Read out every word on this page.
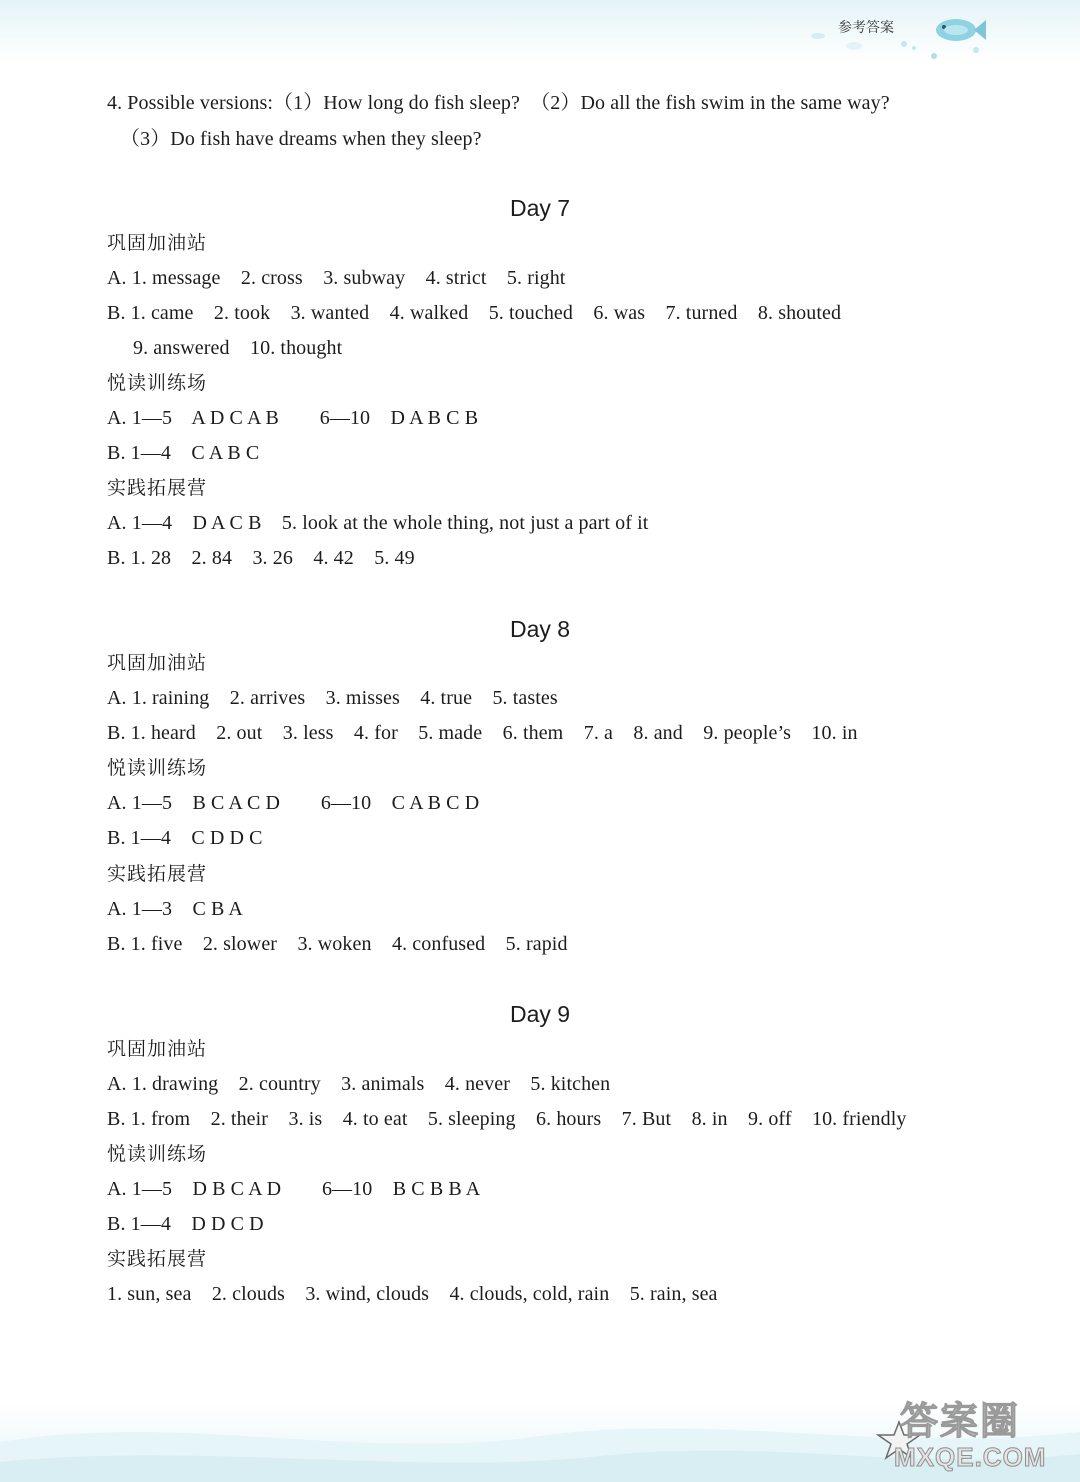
参考答案
4. Possible versions:（1）How long do fish sleep?  （2）Do all the fish swim in the same way?
（3）Do fish have dreams when they sleep?
Day 7
巩固加油站
A. 1. message    2. cross    3. subway    4. strict    5. right
B. 1. came    2. took    3. wanted    4. walked    5. touched    6. was    7. turned    8. shouted
9. answered    10. thought
悦读训练场
A. 1—5    A D C A B        6—10    D A B C B
B. 1—4    C A B C
实践拓展营
A. 1—4    D A C B    5. look at the whole thing, not just a part of it
B. 1. 28    2. 84    3. 26    4. 42    5. 49
Day 8
巩固加油站
A. 1. raining    2. arrives    3. misses    4. true    5. tastes
B. 1. heard    2. out    3. less    4. for    5. made    6. them    7. a    8. and    9. people’s    10. in
悦读训练场
A. 1—5    B C A C D        6—10    C A B C D
B. 1—4    C D D C
实践拓展营
A. 1—3    C B A
B. 1. five    2. slower    3. woken    4. confused    5. rapid
Day 9
巩固加油站
A. 1. drawing    2. country    3. animals    4. never    5. kitchen
B. 1. from    2. their    3. is    4. to eat    5. sleeping    6. hours    7. But    8. in    9. off    10. friendly
悦读训练场
A. 1—5    D B C A D        6—10    B C B B A
B. 1—4    D D C D
实践拓展营
1. sun, sea    2. clouds    3. wind, clouds    4. clouds, cold, rain    5. rain, sea
答案圈
MXQE.COM
